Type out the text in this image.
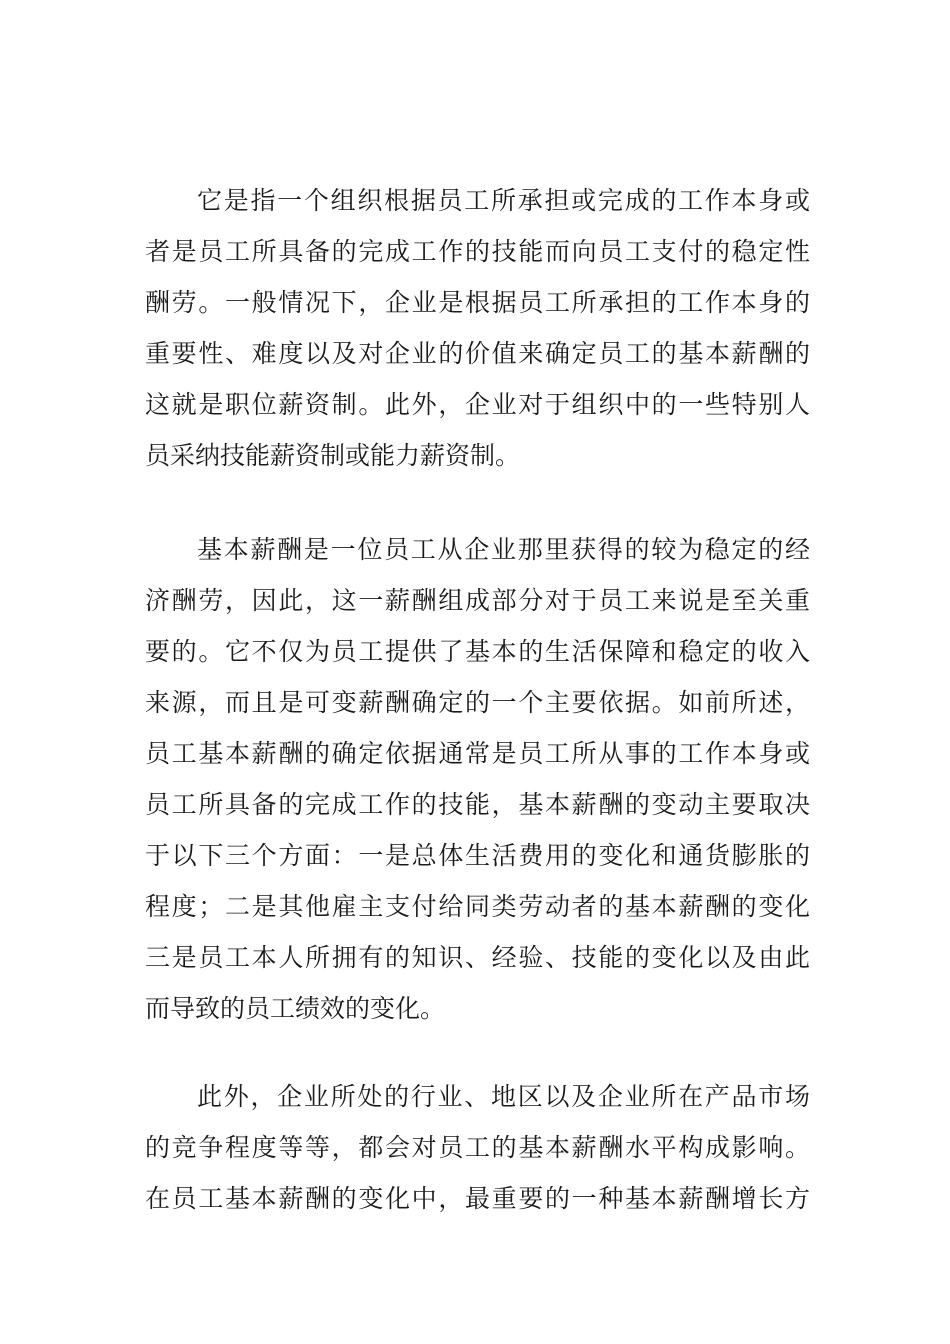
它是指一个组织根据员工所承担或完成的工作本身或
者是员工所具备的完成工作的技能而向员工支付的稳定性
酬劳。一般情况下，企业是根据员工所承担的工作本身的
重要性、难度以及对企业的价值来确定员工的基本薪酬的
这就是职位薪资制。此外，企业对于组织中的一些特别人
员采纳技能薪资制或能力薪资制。
基本薪酬是一位员工从企业那里获得的较为稳定的经
济酬劳，因此，这一薪酬组成部分对于员工来说是至关重
要的。它不仅为员工提供了基本的生活保障和稳定的收入
来源，而且是可变薪酬确定的一个主要依据。如前所述，
员工基本薪酬的确定依据通常是员工所从事的工作本身或
员工所具备的完成工作的技能，基本薪酬的变动主要取决
于以下三个方面：一是总体生活费用的变化和通货膨胀的
程度；二是其他雇主支付给同类劳动者的基本薪酬的变化
三是员工本人所拥有的知识、经验、技能的变化以及由此
而导致的员工绩效的变化。
此外，企业所处的行业、地区以及企业所在产品市场
的竞争程度等等，都会对员工的基本薪酬水平构成影响。
在员工基本薪酬的变化中，最重要的一种基本薪酬增长方
